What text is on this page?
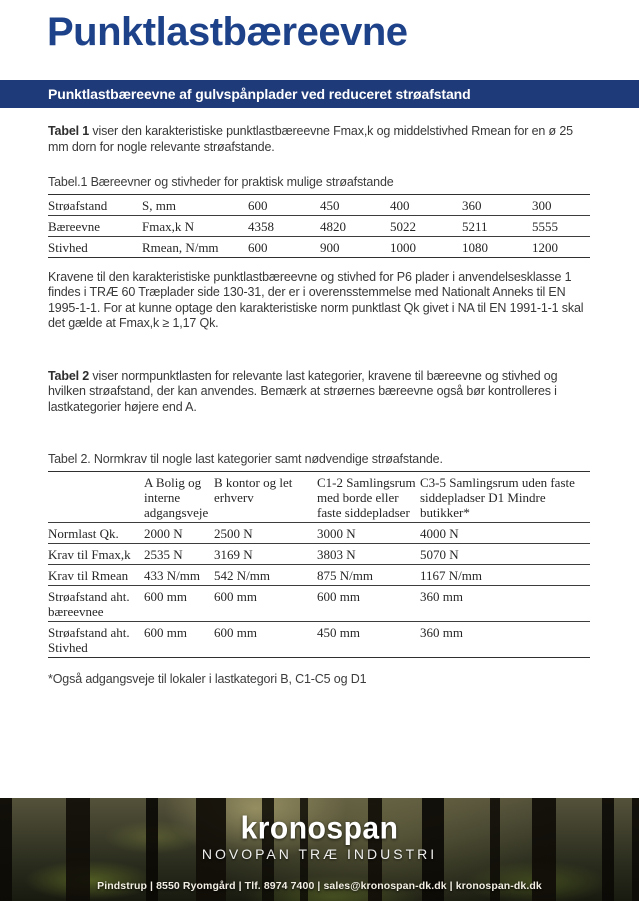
Punktlastbæreevne
Punktlastbæreevne af gulvspånplader ved reduceret strøafstand

Tabel 1 viser den karakteristiske punktlastbæreevne Fmax,k og middelstivhed Rmean for en ø 25 mm dorn for nogle relevante strøafstande.

Tabel.1 Bæreevner og stivheder for praktisk mulige strøafstande
Strøafstand	S, mm	600	450	400	360	300
Bæreevne	Fmax,k N	4358	4820	5022	5211	5555
Stivhed	Rmean, N/mm	600	900	1000	1080	1200

Kravene til den karakteristiske punktlastbæreevne og stivhed for P6 plader i anvendelsesklasse 1 findes i TRÆ 60 Træplader side 130-31, der er i overensstemmelse med Nationalt Anneks til EN 1995-1-1. For at kunne optage den karakteristiske norm punktlast Qk givet i NA til EN 1991-1-1 skal det gælde at Fmax,k ≥ 1,17 Qk.

Tabel 2 viser normpunktlasten for relevante last kategorier, kravene til bæreevne og stivhed og hvilken strøafstand, der kan anvendes. Bemærk at strøernes bæreevne også bør kontrolleres i lastkategorier højere end A.

Tabel 2. Normkrav til nogle last kategorier samt nødvendige strøafstande.
	A Bolig og interne adgangsveje	B kontor og let erhverv	C1-2 Samlingsrum med borde eller faste siddepladser	C3-5 Samlingsrum uden faste siddepladser D1 Mindre butikker*
Normlast Qk.	2000 N	2500 N	3000 N	4000 N
Krav til Fmax,k	2535 N	3169 N	3803 N	5070 N
Krav til Rmean	433 N/mm	542 N/mm	875 N/mm	1167 N/mm
Strøafstand aht. bæreevnee	600 mm	600 mm	600 mm	360 mm
Strøafstand aht. Stivhed	600 mm	600 mm	450 mm	360 mm
*Også adgangsveje til lokaler i lastkategori B, C1-C5 og D1
kronospan
NOVOPAN TRÆ INDUSTRI
Pindstrup | 8550 Ryomgård | Tlf. 8974 7400 | sales@kronospan-dk.dk | kronospan-dk.dk
